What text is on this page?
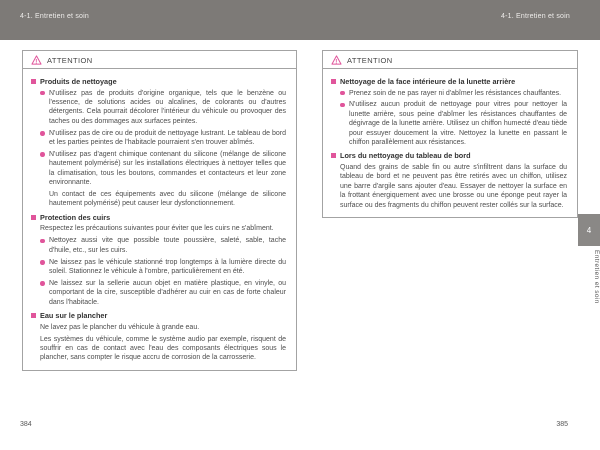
4-1. Entretien et soin	4-1. Entretien et soin
! ATTENTION
Produits de nettoyage
N'utilisez pas de produits d'origine organique, tels que le benzène ou l'essence, de solutions acides ou alcalines, de colorants ou d'autres détergents. Cela pourrait décolorer l'intérieur du véhicule ou provoquer des taches ou des dommages aux surfaces peintes.
N'utilisez pas de cire ou de produit de nettoyage lustrant. Le tableau de bord et les parties peintes de l'habitacle pourraient s'en trouver abîmés.
N'utilisez pas d'agent chimique contenant du silicone (mélange de silicone hautement polymérisé) sur les installations électriques à nettoyer telles que la climatisation, tous les boutons, commandes et contacteurs et leur zone environnante.
Un contact de ces équipements avec du silicone (mélange de silicone hautement polymérisé) peut causer leur dysfonctionnement.
Protection des cuirs
Respectez les précautions suivantes pour éviter que les cuirs ne s'abîment.
Nettoyez aussi vite que possible toute poussière, saleté, sable, tache d'huile, etc., sur les cuirs.
Ne laissez pas le véhicule stationné trop longtemps à la lumière directe du soleil. Stationnez le véhicule à l'ombre, particulièrement en été.
Ne laissez sur la sellerie aucun objet en matière plastique, en vinyle, ou comportant de la cire, susceptible d'adhérer au cuir en cas de forte chaleur dans l'habitacle.
Eau sur le plancher
Ne lavez pas le plancher du véhicule à grande eau.
Les systèmes du véhicule, comme le système audio par exemple, risquent de souffrir en cas de contact avec l'eau des composants électriques sous le plancher, sans compter le risque accru de corrosion de la carrosserie.
! ATTENTION
Nettoyage de la face intérieure de la lunette arrière
Prenez soin de ne pas rayer ni d'abîmer les résistances chauffantes.
N'utilisez aucun produit de nettoyage pour vitres pour nettoyer la lunette arrière, sous peine d'abîmer les résistances chauffantes de dégivrage de la lunette arrière. Utilisez un chiffon humecté d'eau tiède pour essuyer doucement la vitre. Nettoyez la lunette en passant le chiffon parallèlement aux résistances.
Lors du nettoyage du tableau de bord
Quand des grains de sable fin ou autre s'infiltrent dans la surface du tableau de bord et ne peuvent pas être retirés avec un chiffon, utilisez une barre d'argile sans ajouter d'eau. Essayer de nettoyer la surface en la frottant énergiquement avec une brosse ou une éponge peut rayer la surface ou des fragments du chiffon peuvent rester collés sur la surface.
4
Entretien et soin
384	385
